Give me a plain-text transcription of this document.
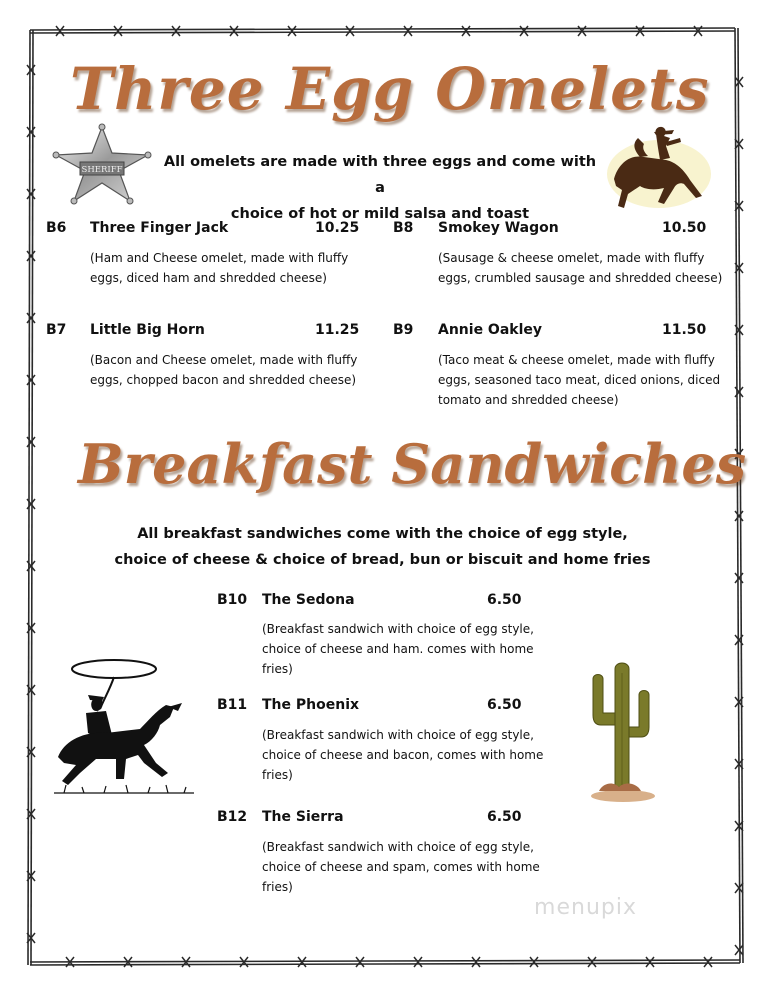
Three Egg Omelets
SHERIFF	All omelets are made with three eggs and come with a
choice of hot or mild salsa and toast
B6 Three Finger Jack	10.25
(Ham and Cheese omelet, made with fluffy eggs, diced ham and shredded cheese)
B8 Smokey Wagon	10.50
(Sausage & cheese omelet, made with fluffy eggs, crumbled sausage and shredded cheese)
B7 Little Big Horn	11.25
(Bacon and Cheese omelet, made with fluffy eggs, chopped bacon and shredded cheese)
B9 Annie Oakley	11.50
(Taco meat & cheese omelet, made with fluffy eggs, seasoned taco meat, diced onions, diced tomato and shredded cheese)
Breakfast Sandwiches
All breakfast sandwiches come with the choice of egg style,
choice of cheese & choice of bread, bun or biscuit and home fries
B10 The Sedona	6.50
(Breakfast sandwich with choice of egg style, choice of cheese and ham. comes with home fries)
B11 The Phoenix	6.50
(Breakfast sandwich with choice of egg style, choice of cheese and bacon, comes with home fries)
B12 The Sierra	6.50
(Breakfast sandwich with choice of egg style, choice of cheese and spam, comes with home fries)
menupix
